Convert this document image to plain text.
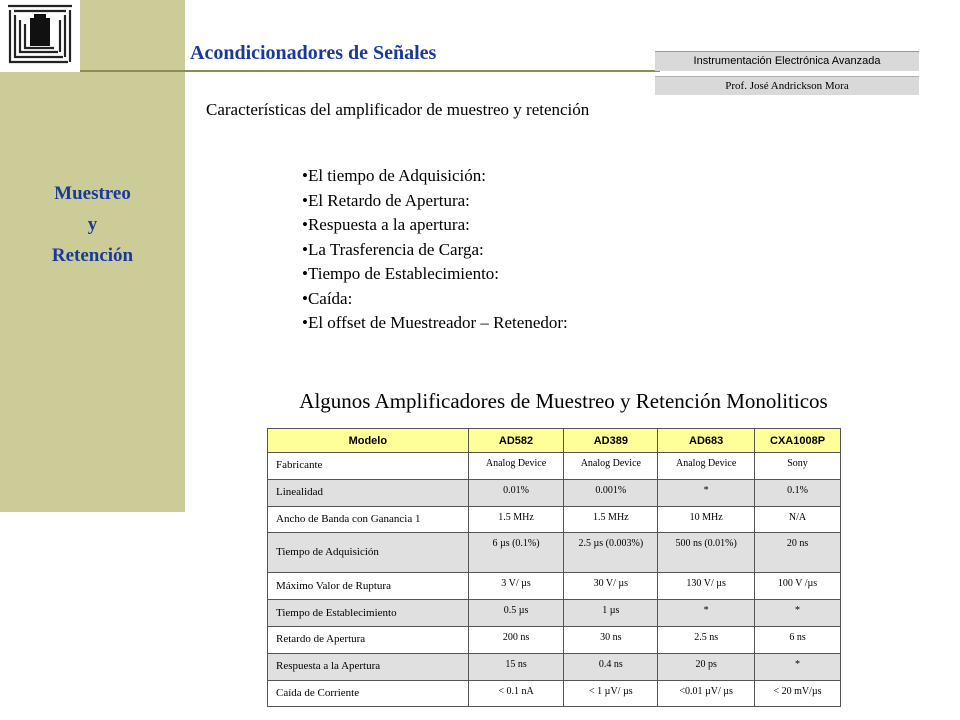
Muestreo
y
Retención
Acondicionadores de Señales	Instrumentación Electrónica Avanzada
Prof. José Andrickson Mora
Características del amplificador de muestreo y retención
• El tiempo de Adquisición:
• El Retardo de Apertura:
• Respuesta a la apertura:
• La Trasferencia de Carga:
• Tiempo de Establecimiento:
• Caída:
• El offset de Muestreador – Retenedor:
Algunos Amplificadores de Muestreo y Retención Monoliticos
Modelo	AD582	AD389	AD683	CXA1008P
Fabricante	Analog Device	Analog Device	Analog Device	Sony
Linealidad	0.01%	0.001%	*	0.1%
Ancho de Banda con Ganancia 1	1.5 MHz	1.5 MHz	10 MHz	N/A
Tiempo de Adquisición	6 µs (0.1%)	2.5 µs (0.003%)	500 ns (0.01%)	20 ns
Máximo Valor de Ruptura	3 V/ µs	30 V/ µs	130 V/ µs	100 V /µs
Tiempo de Establecimiento	0.5 µs	1 µs	*	*
Retardo de Apertura	200 ns	30 ns	2.5 ns	6 ns
Respuesta a la Apertura	15 ns	0.4 ns	20 ps	*
Caída de Corriente	< 0.1 nA	< 1 µV/ µs	<0.01 µV/ µs	< 20 mV/µs
